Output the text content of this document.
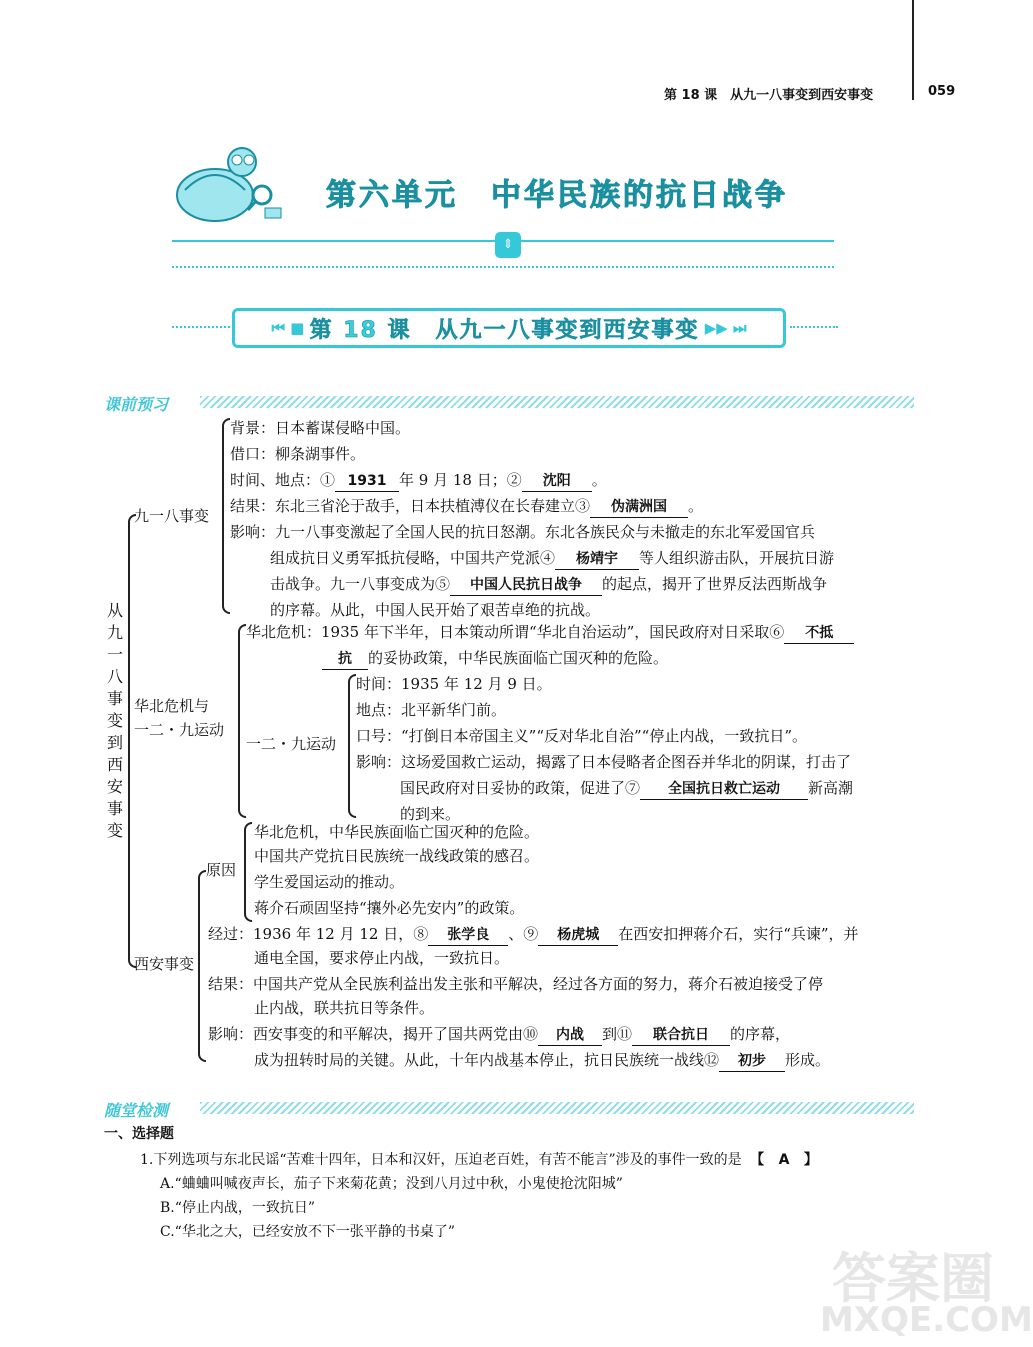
第 18 课　从九一八事变到西安事变	059
第六单元　中华民族的抗日战争
⇕
⏮ ■ 第 18 课　从九一八事变到西安事变 ▶▶ ⏭
课前预习
从
九
一
八
事
变
到
西
安
事
变
九一八事变
背景：日本蓄谋侵略中国。
借口：柳条湖事件。
时间、地点：① 1931 年 9 月 18 日；② 沈阳 。
结果：东北三省沦于敌手，日本扶植溥仪在长春建立③ 伪满洲国 。
影响：九一八事变激起了全国人民的抗日怒潮。东北各族民众与未撤走的东北军爱国官兵
组成抗日义勇军抵抗侵略，中国共产党派④ 杨靖宇 等人组织游击队，开展抗日游
击战争。九一八事变成为⑤ 中国人民抗日战争 的起点，揭开了世界反法西斯战争
的序幕。从此，中国人民开始了艰苦卓绝的抗战。
华北危机与
一二・九运动
华北危机：1935 年下半年，日本策动所谓“华北自治运动”，国民政府对日采取⑥ 不抵
抗 的妥协政策，中华民族面临亡国灭种的危险。
一二・九运动
时间：1935 年 12 月 9 日。
地点：北平新华门前。
口号：“打倒日本帝国主义”“反对华北自治”“停止内战，一致抗日”。
影响：这场爱国救亡运动，揭露了日本侵略者企图吞并华北的阴谋，打击了
国民政府对日妥协的政策，促进了⑦ 全国抗日救亡运动 新高潮
的到来。
西安事变
原因
华北危机，中华民族面临亡国灭种的危险。
中国共产党抗日民族统一战线政策的感召。
学生爱国运动的推动。
蒋介石顽固坚持“攘外必先安内”的政策。
经过：1936 年 12 月 12 日，⑧ 张学良 、⑨ 杨虎城 在西安扣押蒋介石，实行“兵谏”，并
通电全国，要求停止内战，一致抗日。
结果：中国共产党从全民族利益出发主张和平解决，经过各方面的努力，蒋介石被迫接受了停
止内战，联共抗日等条件。
影响：西安事变的和平解决，揭开了国共两党由⑩ 内战 到⑪ 联合抗日 的序幕，
成为扭转时局的关键。从此，十年内战基本停止，抗日民族统一战线⑫ 初步 形成。
随堂检测
一、选择题
1.下列选项与东北民谣“苦难十四年，日本和汉奸，压迫老百姓，有苦不能言”涉及的事件一致的是 【 A 】
A.“蛐蛐叫喊夜声长，茄子下来菊花黄；没到八月过中秋，小鬼使抢沈阳城”
B.“停止内战，一致抗日”
C.“华北之大，已经安放不下一张平静的书桌了”
答案圈
MXQE.COM
